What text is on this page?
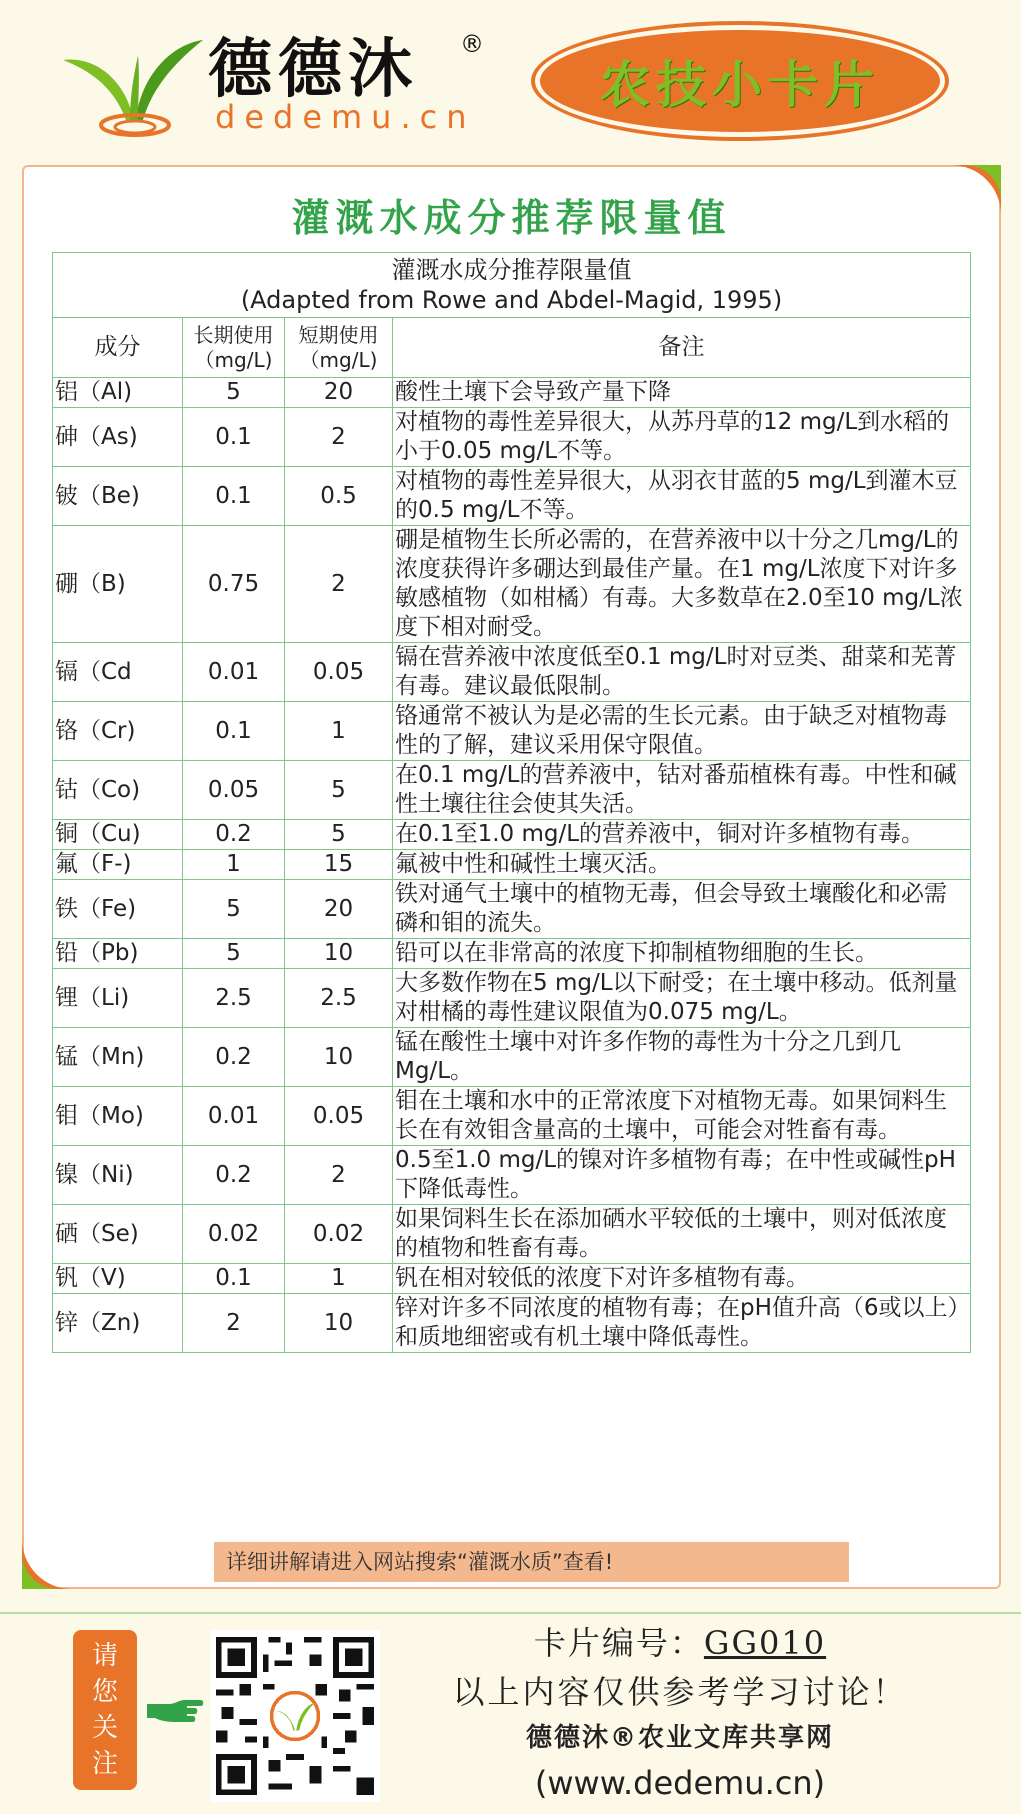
德德沐 ®
dedemu.cn
农技小卡片
灌溉水成分推荐限量值
灌溉水成分推荐限量值
(Adapted from Rowe and Abdel-Magid, 1995)			

成分	长期使用（mg/L)	短期使用（mg/L)	备注
铝（Al)	5	20	酸性土壤下会导致产量下降
砷（As)	0.1	2	对植物的毒性差异很大，从苏丹草的12 mg/L到水稻的小于0.05 mg/L不等。
铍（Be)	0.1	0.5	对植物的毒性差异很大，从羽衣甘蓝的5 mg/L到灌木豆的0.5 mg/L不等。
硼（B)	0.75	2	硼是植物生长所必需的，在营养液中以十分之几mg/L的浓度获得许多硼达到最佳产量。在1 mg/L浓度下对许多敏感植物（如柑橘）有毒。大多数草在2.0至10 mg/L浓度下相对耐受。
镉（Cd	0.01	0.05	镉在营养液中浓度低至0.1 mg/L时对豆类、甜菜和芜菁有毒。建议最低限制。
铬（Cr)	0.1	1	铬通常不被认为是必需的生长元素。由于缺乏对植物毒性的了解，建议采用保守限值。
钴（Co)	0.05	5	在0.1 mg/L的营养液中，钴对番茄植株有毒。中性和碱性土壤往往会使其失活。
铜（Cu)	0.2	5	在0.1至1.0 mg/L的营养液中，铜对许多植物有毒。
氟（F-)	1	15	氟被中性和碱性土壤灭活。
铁（Fe)	5	20	铁对通气土壤中的植物无毒，但会导致土壤酸化和必需磷和钼的流失。
铅（Pb)	5	10	铅可以在非常高的浓度下抑制植物细胞的生长。
锂（Li)	2.5	2.5	大多数作物在5 mg/L以下耐受；在土壤中移动。低剂量对柑橘的毒性建议限值为0.075 mg/L。
锰（Mn)	0.2	10	锰在酸性土壤中对许多作物的毒性为十分之几到几Mg/L。
钼（Mo)	0.01	0.05	钼在土壤和水中的正常浓度下对植物无毒。如果饲料生长在有效钼含量高的土壤中，可能会对牲畜有毒。
镍（Ni)	0.2	2	0.5至1.0 mg/L的镍对许多植物有毒；在中性或碱性pH下降低毒性。
硒（Se)	0.02	0.02	如果饲料生长在添加硒水平较低的土壤中，则对低浓度的植物和牲畜有毒。
钒（V)	0.1	1	钒在相对较低的浓度下对许多植物有毒。
锌（Zn)	2	10	锌对许多不同浓度的植物有毒；在pH值升高（6或以上）和质地细密或有机土壤中降低毒性。
详细讲解请进入网站搜索“灌溉水质”查看!
请
您
关
注
卡片编号：GG010
以上内容仅供参考学习讨论！
德德沐®农业文库共享网
(www.dedemu.cn)
